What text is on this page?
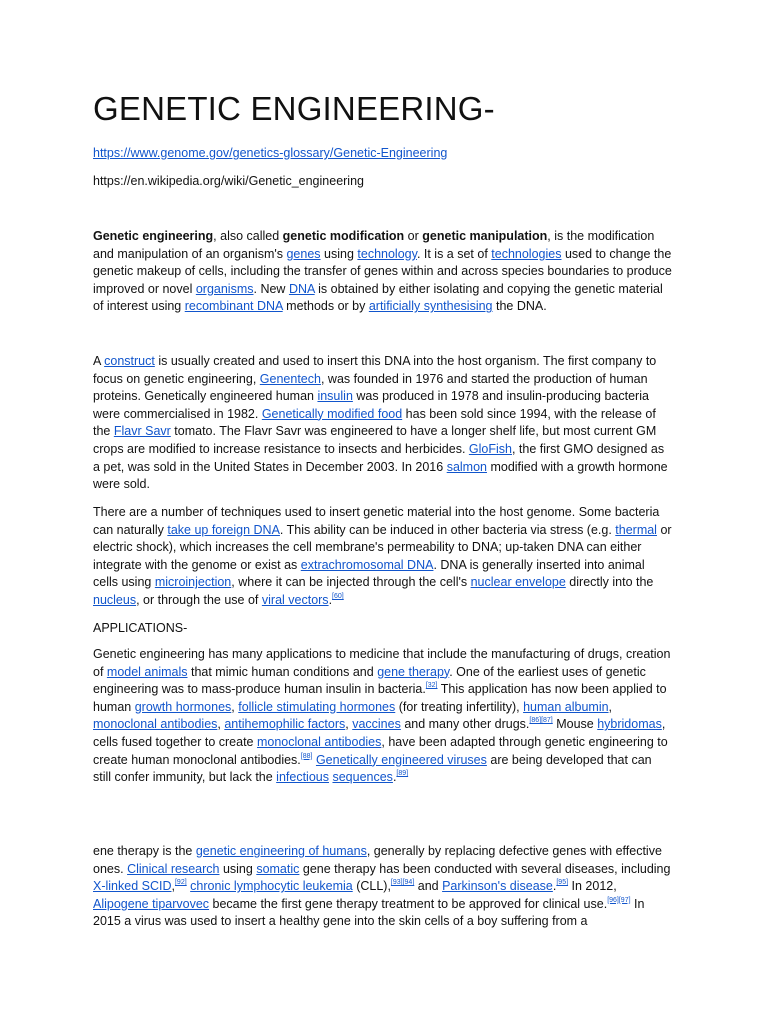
GENETIC ENGINEERING-
https://www.genome.gov/genetics-glossary/Genetic-Engineering
https://en.wikipedia.org/wiki/Genetic_engineering
Genetic engineering, also called genetic modification or genetic manipulation, is the modification and manipulation of an organism's genes using technology. It is a set of technologies used to change the genetic makeup of cells, including the transfer of genes within and across species boundaries to produce improved or novel organisms. New DNA is obtained by either isolating and copying the genetic material of interest using recombinant DNA methods or by artificially synthesising the DNA.
A construct is usually created and used to insert this DNA into the host organism. The first company to focus on genetic engineering, Genentech, was founded in 1976 and started the production of human proteins. Genetically engineered human insulin was produced in 1978 and insulin-producing bacteria were commercialised in 1982. Genetically modified food has been sold since 1994, with the release of the Flavr Savr tomato. The Flavr Savr was engineered to have a longer shelf life, but most current GM crops are modified to increase resistance to insects and herbicides. GloFish, the first GMO designed as a pet, was sold in the United States in December 2003. In 2016 salmon modified with a growth hormone were sold.
There are a number of techniques used to insert genetic material into the host genome. Some bacteria can naturally take up foreign DNA. This ability can be induced in other bacteria via stress (e.g. thermal or electric shock), which increases the cell membrane's permeability to DNA; up-taken DNA can either integrate with the genome or exist as extrachromosomal DNA. DNA is generally inserted into animal cells using microinjection, where it can be injected through the cell's nuclear envelope directly into the nucleus, or through the use of viral vectors.[60]
APPLICATIONS-
Genetic engineering has many applications to medicine that include the manufacturing of drugs, creation of model animals that mimic human conditions and gene therapy. One of the earliest uses of genetic engineering was to mass-produce human insulin in bacteria.[32] This application has now been applied to human growth hormones, follicle stimulating hormones (for treating infertility), human albumin, monoclonal antibodies, antihemophilic factors, vaccines and many other drugs.[86][87] Mouse hybridomas, cells fused together to create monoclonal antibodies, have been adapted through genetic engineering to create human monoclonal antibodies.[88] Genetically engineered viruses are being developed that can still confer immunity, but lack the infectious sequences.[89]
ene therapy is the genetic engineering of humans, generally by replacing defective genes with effective ones. Clinical research using somatic gene therapy has been conducted with several diseases, including X-linked SCID,[92] chronic lymphocytic leukemia (CLL),[93][94] and Parkinson's disease.[95] In 2012, Alipogene tiparvovec became the first gene therapy treatment to be approved for clinical use.[96][97] In 2015 a virus was used to insert a healthy gene into the skin cells of a boy suffering from a
